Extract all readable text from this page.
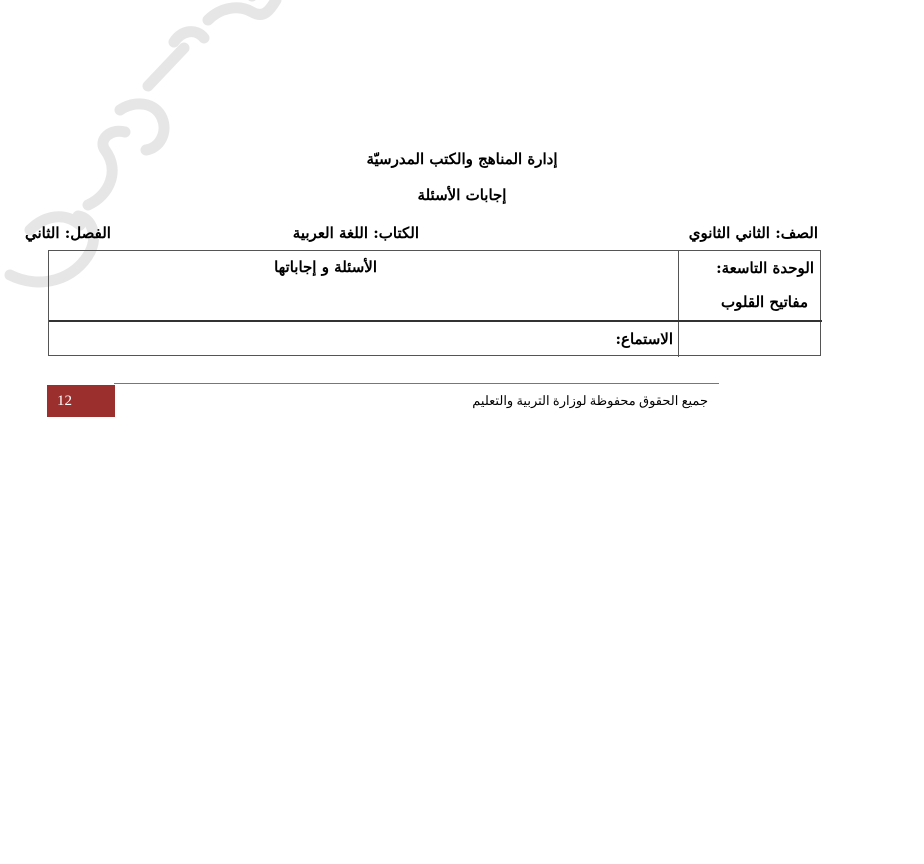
إدارة المناهج والكتب المدرسيّة
إجابات الأسئلة
الصف: الثاني الثانوي
الكتاب: اللغة العربية
الفصل: الثاني
الوحدة التاسعة:
مفاتيح القلوب
الأسئلة و إجاباتها
الاستماع:
12	جميع الحقوق محفوظة لوزارة التربية والتعليم
